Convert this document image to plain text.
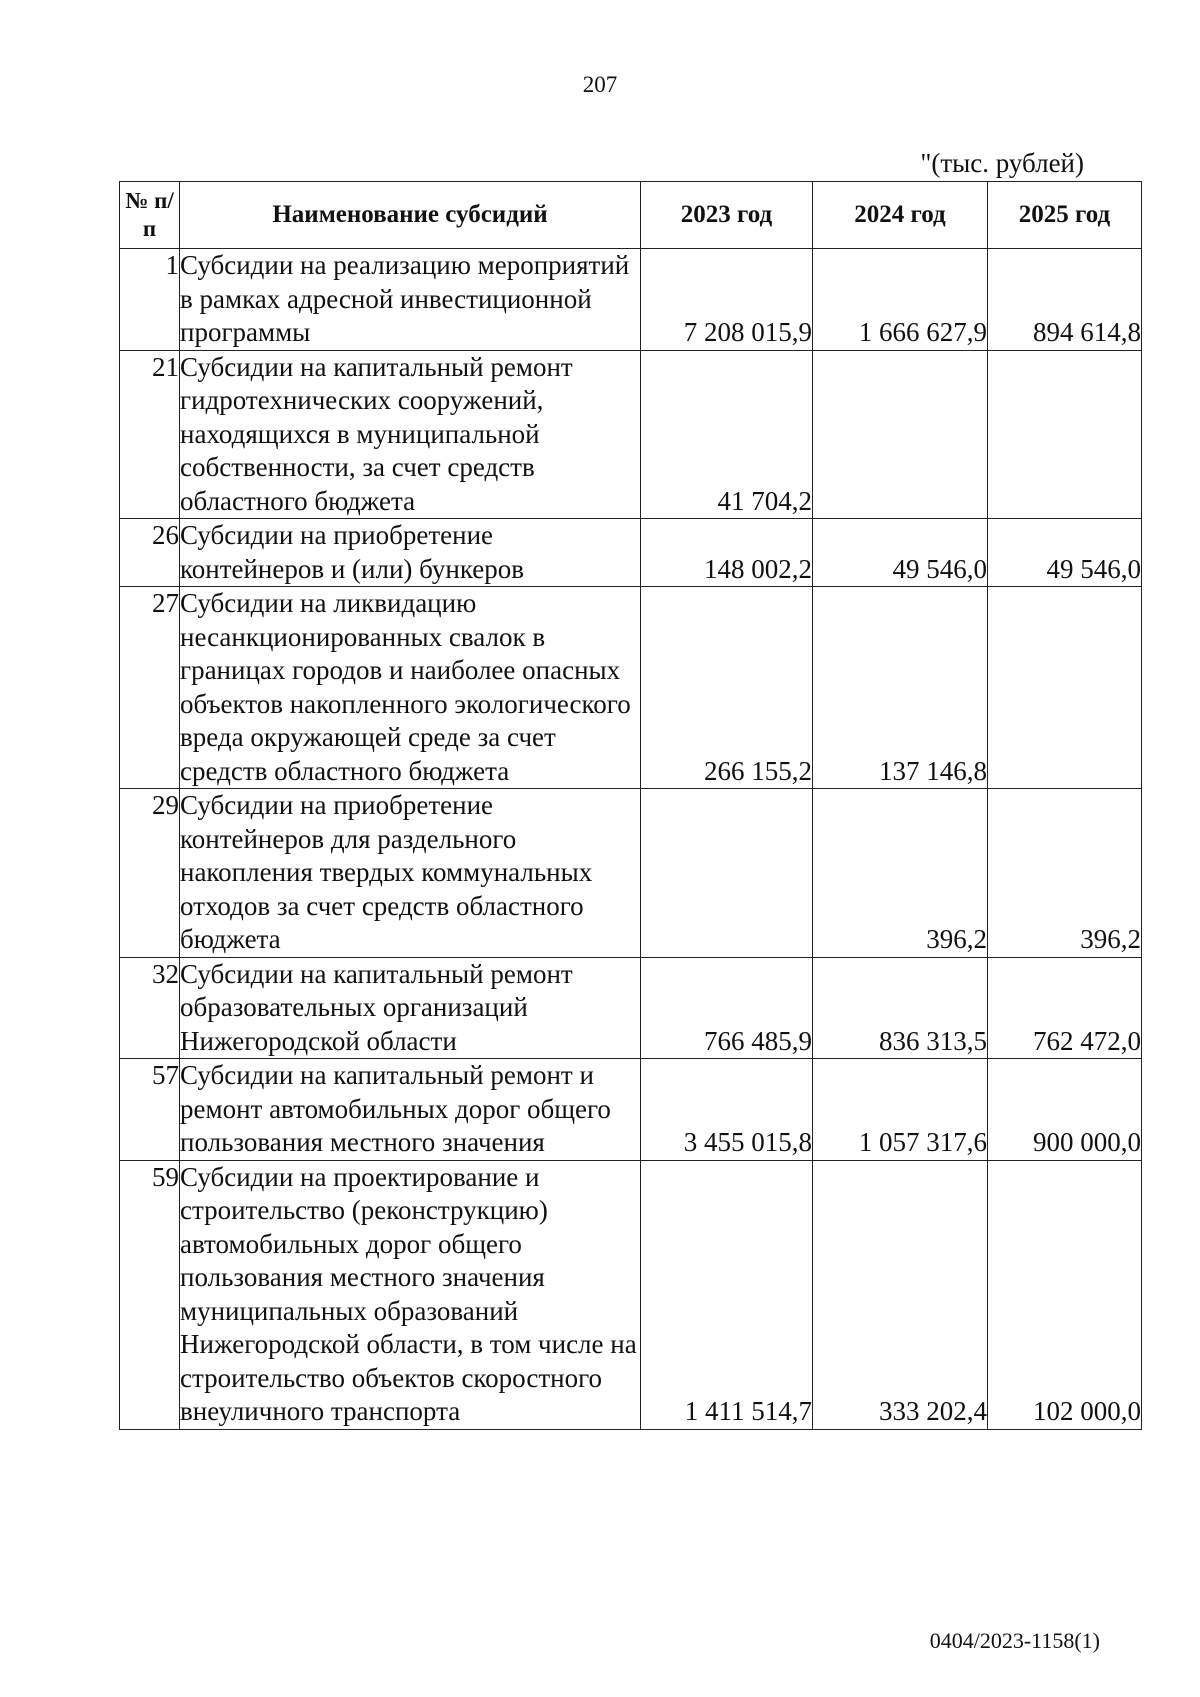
207
"(тыс. рублей)
№ п/п	Наименование субсидий	2023 год	2024 год	2025 год
1	Субсидии на реализацию мероприятий в рамках адресной инвестиционной программы	7 208 015,9	1 666 627,9	894 614,8
21	Субсидии на капитальный ремонт гидротехнических сооружений, находящихся в муниципальной собственности, за счет средств областного бюджета	41 704,2		
26	Субсидии на приобретение контейнеров и (или) бункеров	148 002,2	49 546,0	49 546,0
27	Субсидии на ликвидацию несанкционированных свалок в границах городов и наиболее опасных объектов накопленного экологического вреда окружающей среде за счет средств областного бюджета	266 155,2	137 146,8	
29	Субсидии на приобретение контейнеров для раздельного накопления твердых коммунальных отходов за счет средств областного бюджета		396,2	396,2
32	Субсидии на капитальный ремонт образовательных организаций Нижегородской области	766 485,9	836 313,5	762 472,0
57	Субсидии на капитальный ремонт и ремонт автомобильных дорог общего пользования местного значения	3 455 015,8	1 057 317,6	900 000,0
59	Субсидии на проектирование и строительство (реконструкцию) автомобильных дорог общего пользования местного значения муниципальных образований Нижегородской области, в том числе на строительство объектов скоростного внеуличного транспорта	1 411 514,7	333 202,4	102 000,0
0404/2023-1158(1)
